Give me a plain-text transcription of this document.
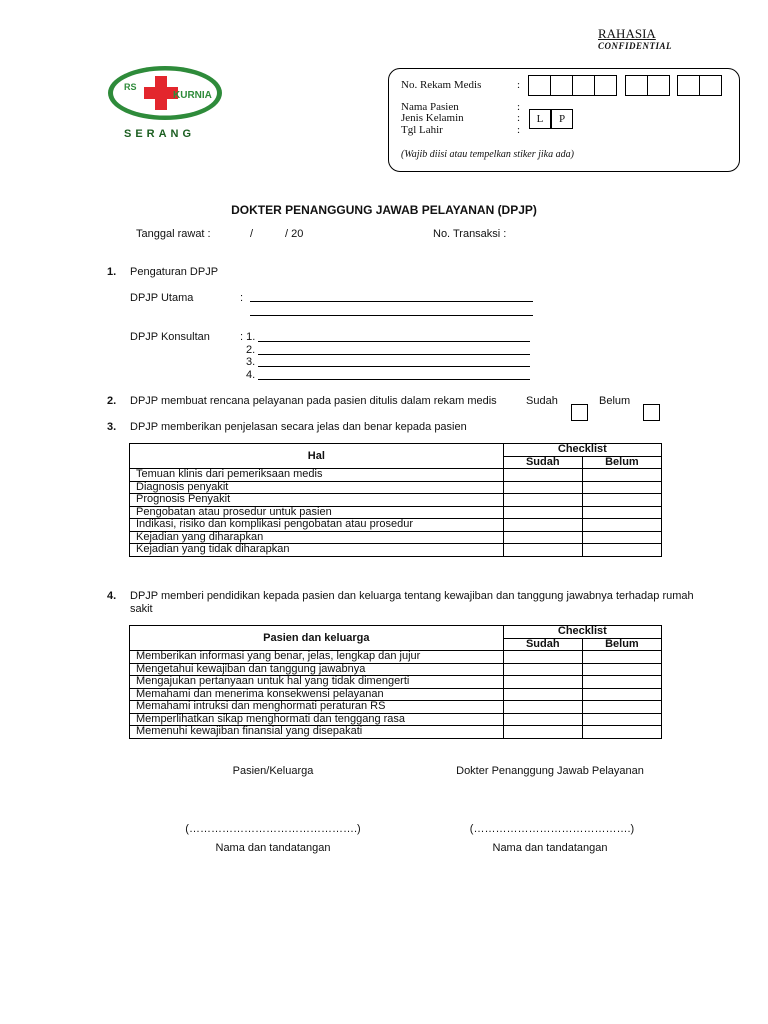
RAHASIA
CONFIDENTIAL
RS
KURNIA
SERANG
No. Rekam Medis	:
Nama Pasien	:
Jenis Kelamin	:	L	P
Tgl Lahir	:
(Wajib diisi atau tempelkan stiker jika ada)
DOKTER PENANGGUNG JAWAB PELAYANAN (DPJP)
Tanggal rawat :	/	/ 20	No. Transaksi :
1. Pengaturan DPJP
DPJP Utama	:
DPJP Konsultan	: 1.
2.
3.
4.
2. DPJP membuat rencana pelayanan pada pasien ditulis dalam rekam medis	Sudah	Belum
3. DPJP memberikan penjelasan secara jelas dan benar kepada pasien
Hal	Checklist	
	Sudah	Belum
Temuan klinis dari pemeriksaan medis		
Diagnosis penyakit		
Prognosis Penyakit		
Pengobatan atau prosedur untuk pasien		
Indikasi, risiko dan komplikasi pengobatan atau prosedur		
Kejadian yang diharapkan		
Kejadian yang tidak diharapkan		
4. DPJP memberi pendidikan kepada pasien dan keluarga tentang kewajiban dan tanggung jawabnya terhadap rumah
sakit
Pasien dan keluarga	Checklist	
	Sudah	Belum
Memberikan informasi yang benar, jelas, lengkap dan jujur		
Mengetahui kewajiban dan tanggung jawabnya		
Mengajukan pertanyaan untuk hal yang tidak dimengerti		
Memahami dan menerima konsekwensi pelayanan		
Memahami intruksi dan menghormati peraturan RS		
Memperlihatkan sikap menghormati dan tenggang rasa		
Memenuhi kewajiban finansial yang disepakati		
Pasien/Keluarga	Dokter Penanggung Jawab Pelayanan
(……………………………………….)	(…………………………………….)
Nama dan tandatangan	Nama dan tandatangan
